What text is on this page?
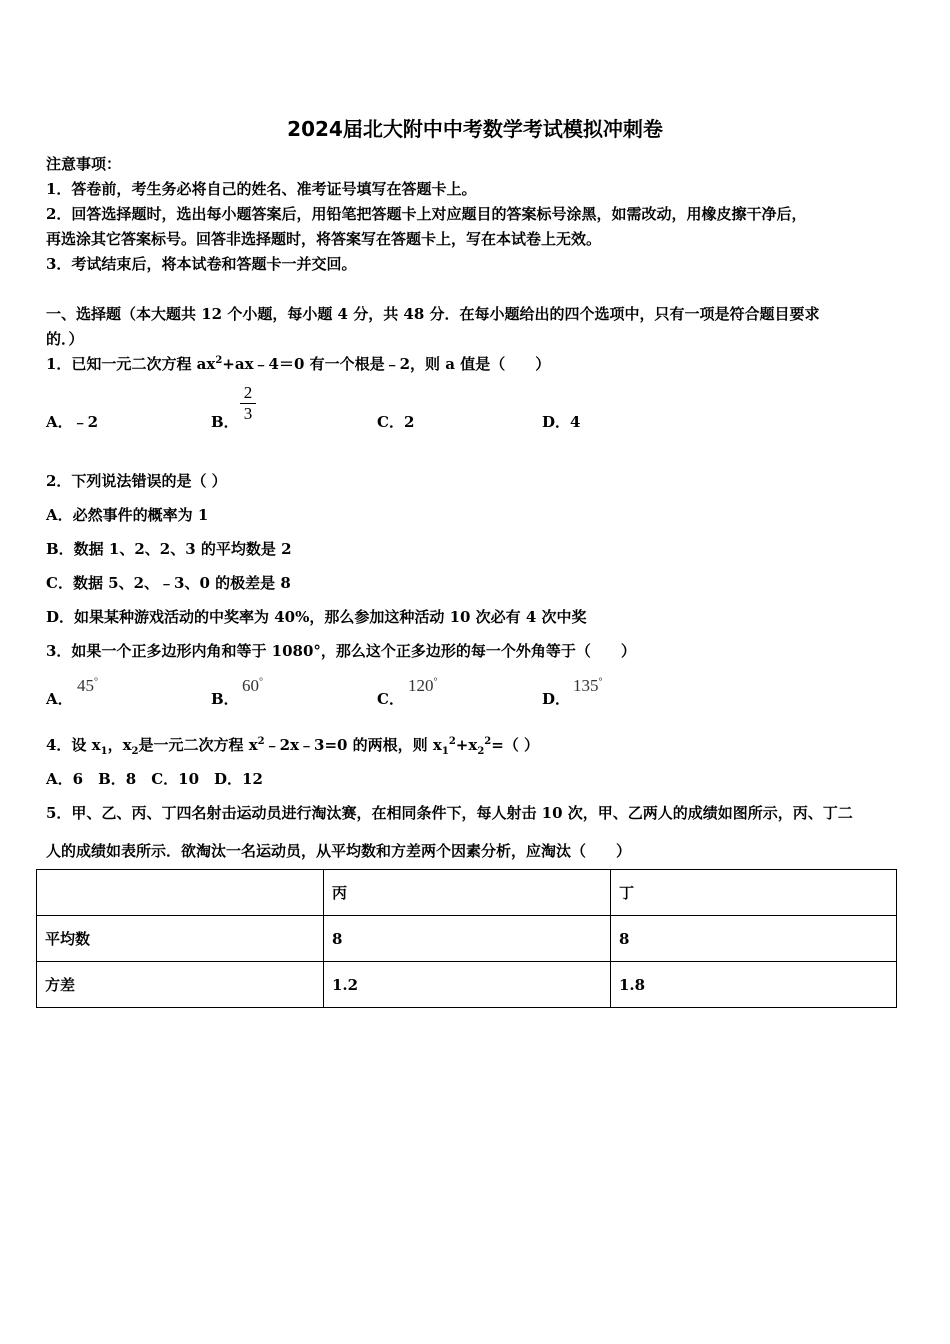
2024届北大附中中考数学考试模拟冲刺卷
注意事项：
1．答卷前，考生务必将自己的姓名、准考证号填写在答题卡上。
2．回答选择题时，选出每小题答案后，用铅笔把答题卡上对应题目的答案标号涂黑，如需改动，用橡皮擦干净后，
再选涂其它答案标号。回答非选择题时，将答案写在答题卡上，写在本试卷上无效。
3．考试结束后，将本试卷和答题卡一并交回。
一、选择题（本大题共 12 个小题，每小题 4 分，共 48 分．在每小题给出的四个选项中，只有一项是符合题目要求
的．）
1．已知一元二次方程 $ax^2+ax﹣4=0$ 有一个根是﹣2，则 a 值是（　　）
A．﹣2	B．
2
3	C．2	D．4
2．下列说法错误的是（ ）
A．必然事件的概率为 1
B．数据 1、2、2、3 的平均数是 2
C．数据 5、2、﹣3、0 的极差是 8
D．如果某种游戏活动的中奖率为 40%，那么参加这种活动 10 次必有 4 次中奖
3．如果一个正多边形内角和等于 1080°，那么这个正多边形的每一个外角等于（　　）
A．
45°
B．
60°
C．
120°
D．
135°
4．设 $x_1$，$x_2$是一元二次方程 $x^2﹣2x﹣3=0$ 的两根，则 $x_1^2+x_2^2=$（ ）
A．6　B．8　C．10　D．12
5．甲、乙、丙、丁四名射击运动员进行淘汰赛，在相同条件下，每人射击 10 次，甲、乙两人的成绩如图所示，丙、丁二
人的成绩如表所示．欲淘汰一名运动员，从平均数和方差两个因素分析，应淘汰（　　）
	丙	丁
平均数	8	8
方差	1.2	1.8
